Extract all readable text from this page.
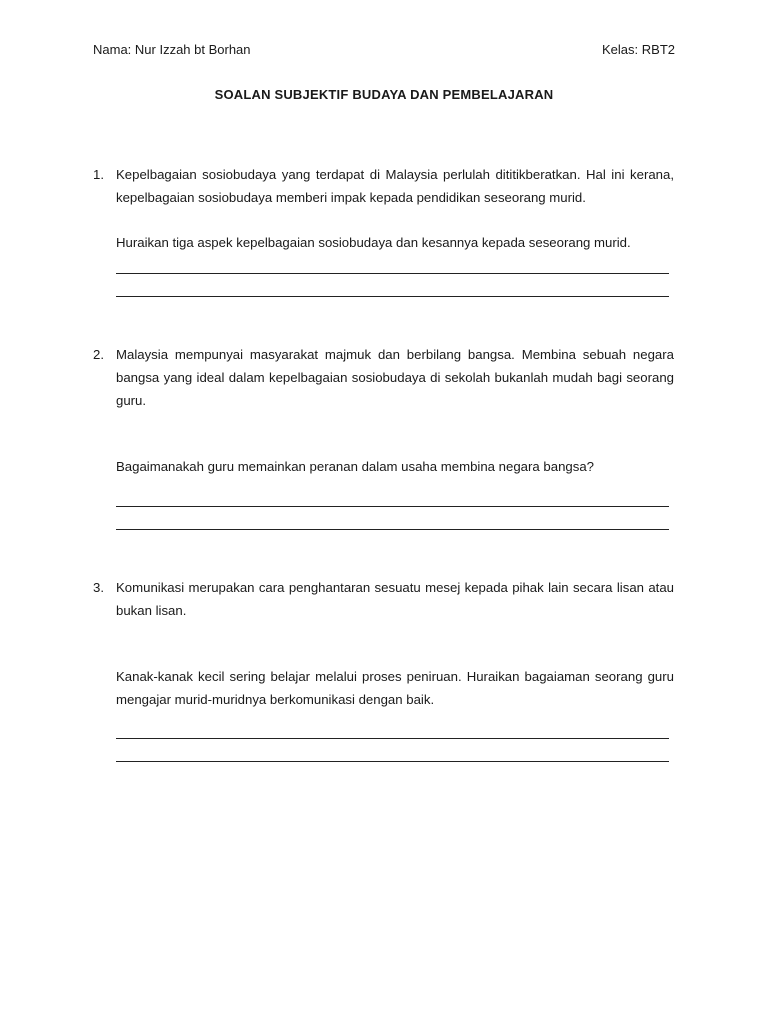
Nama: Nur Izzah bt Borhan	Kelas: RBT2
SOALAN SUBJEKTIF BUDAYA DAN PEMBELAJARAN
1. Kepelbagaian sosiobudaya yang terdapat di Malaysia perlulah dititikberatkan. Hal ini kerana, kepelbagaian sosiobudaya memberi impak kepada pendidikan seseorang murid.

Huraikan tiga aspek kepelbagaian sosiobudaya dan kesannya kepada seseorang murid.

2. Malaysia mempunyai masyarakat majmuk dan berbilang bangsa. Membina sebuah negara bangsa yang ideal dalam kepelbagaian sosiobudaya di sekolah bukanlah mudah bagi seorang guru.

Bagaimanakah guru memainkan peranan dalam usaha membina negara bangsa?

3. Komunikasi merupakan cara penghantaran sesuatu mesej kepada pihak lain secara lisan atau bukan lisan.

Kanak-kanak kecil sering belajar melalui proses peniruan. Huraikan bagaiaman seorang guru mengajar murid-muridnya berkomunikasi dengan baik.
